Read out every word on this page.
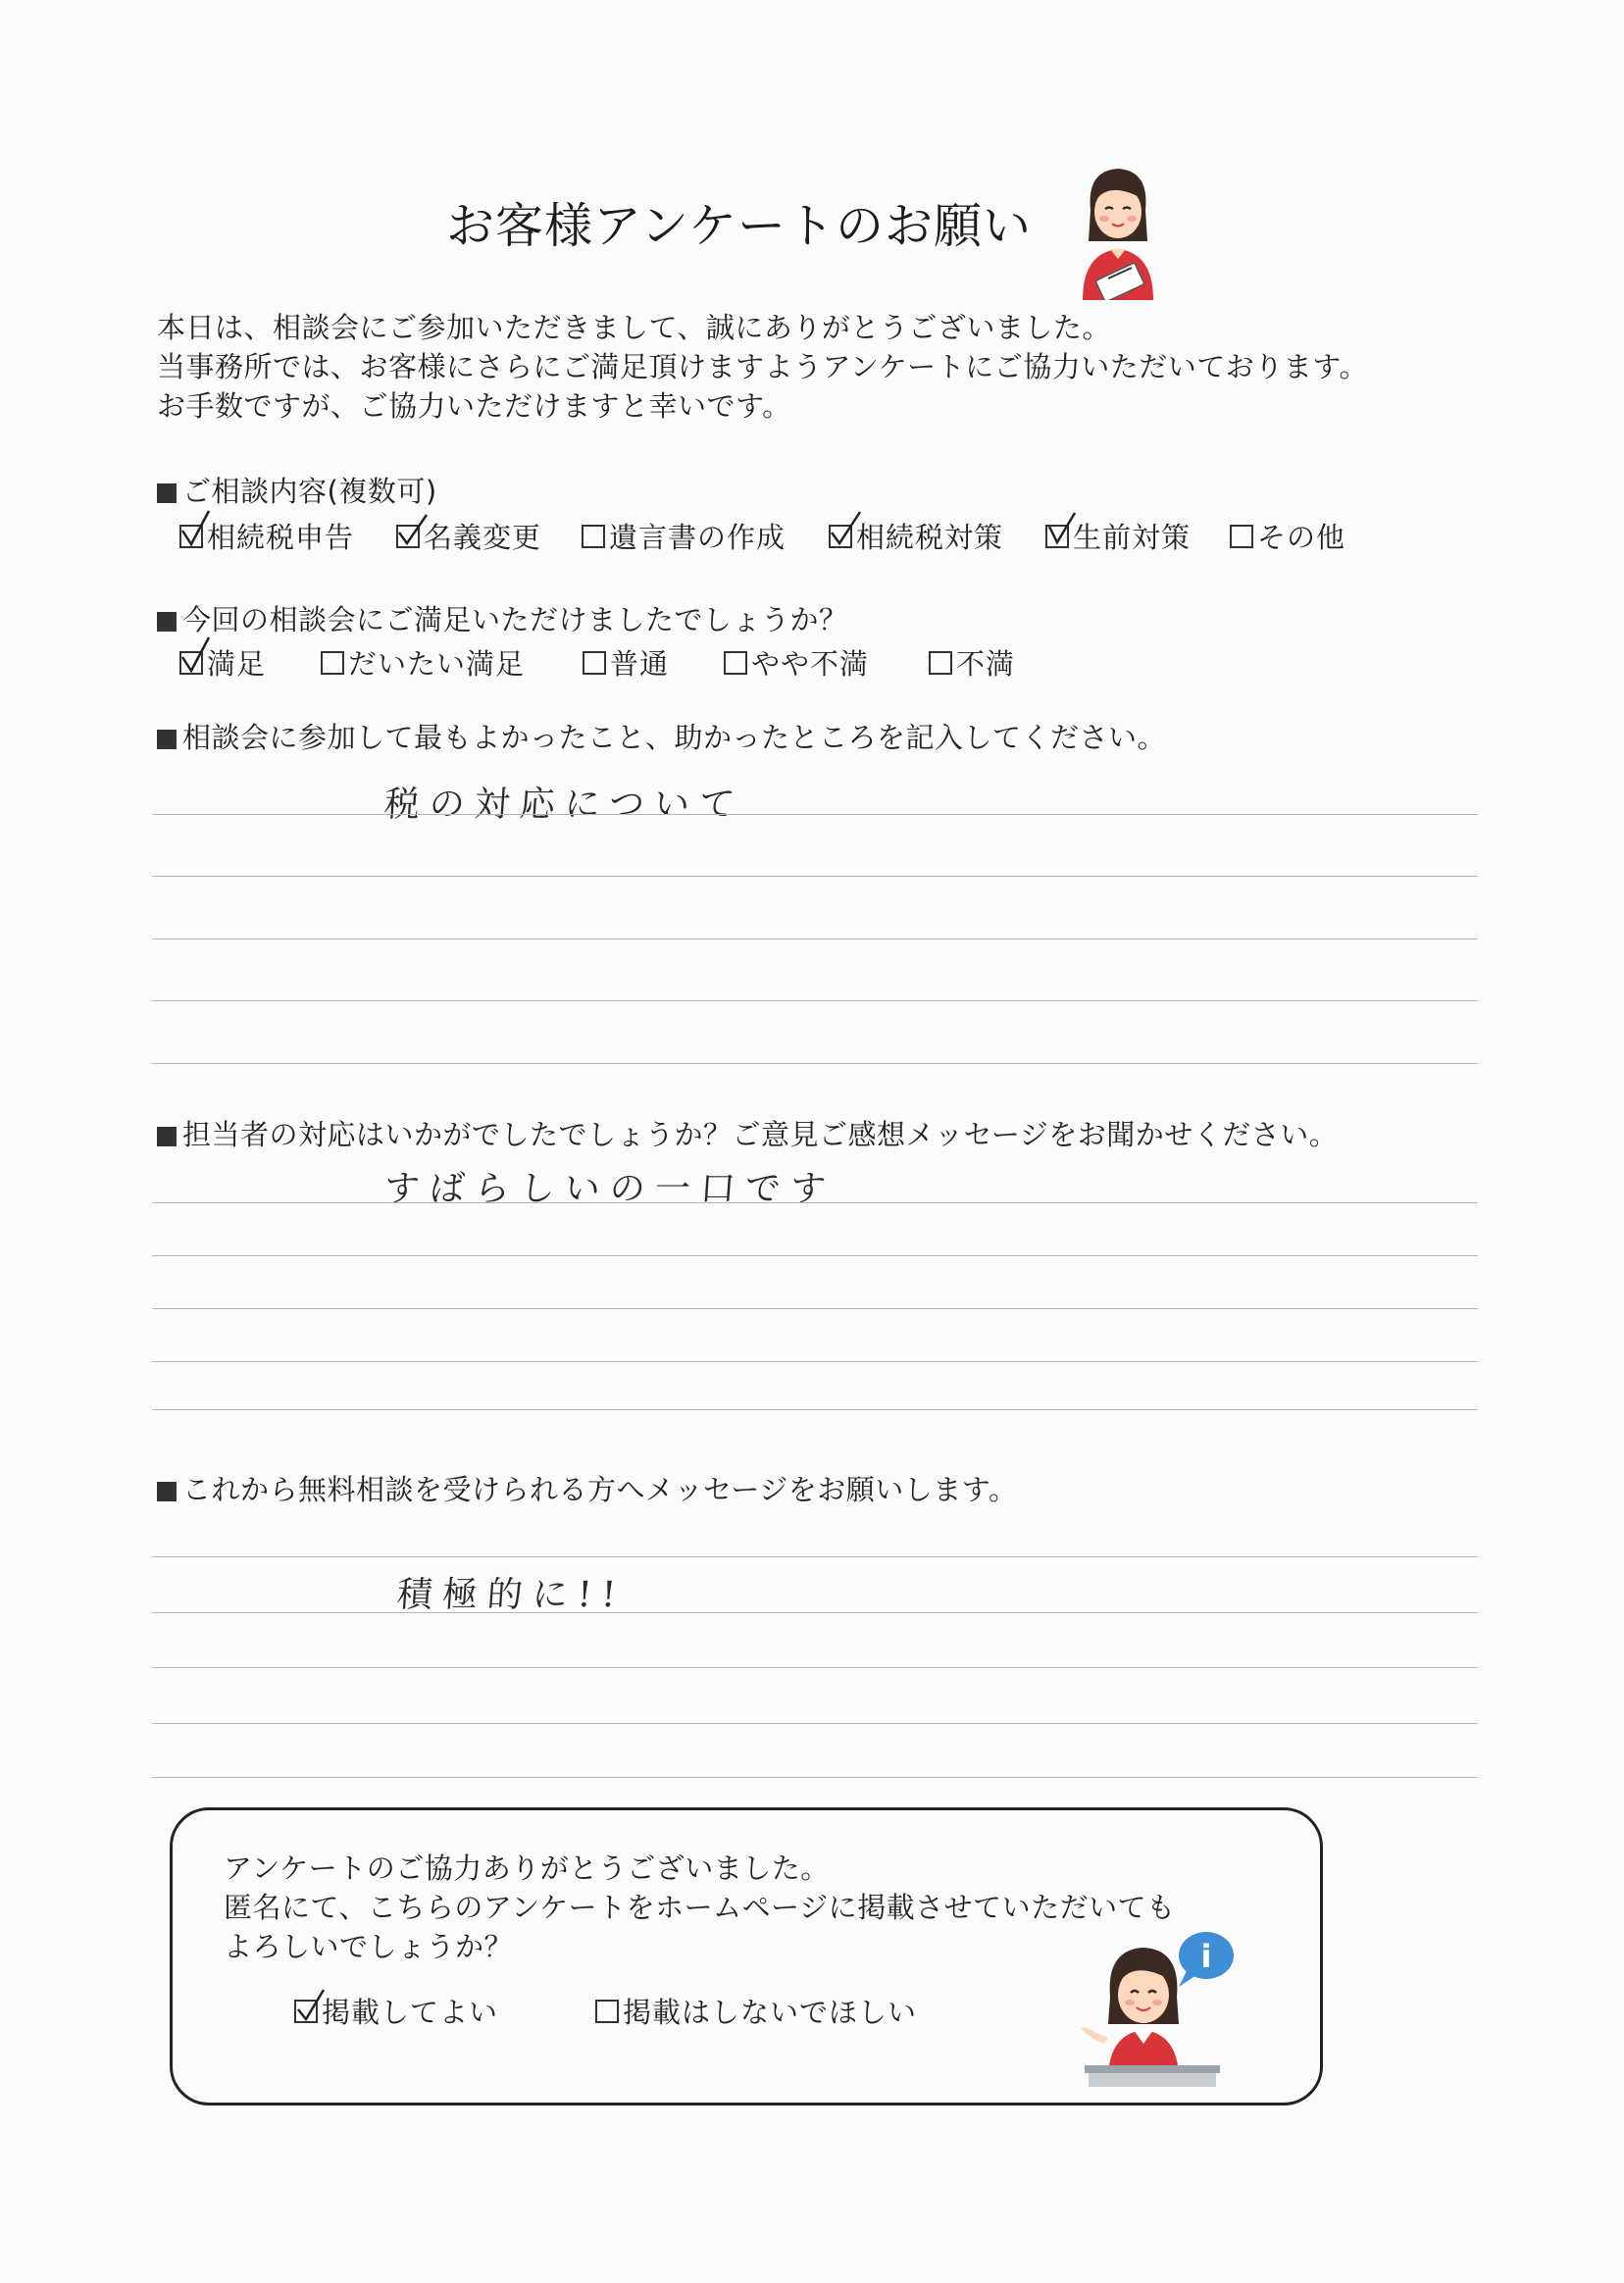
お客様アンケートのお願い
本日は、相談会にご参加いただきまして、誠にありがとうございました。
当事務所では、お客様にさらにご満足頂けますようアンケートにご協力いただいております。
お手数ですが、ご協力いただけますと幸いです。
ご相談内容(複数可)
相続税申告	名義変更	遺言書の作成	相続税対策	生前対策	その他
今回の相談会にご満足いただけましたでしょうか？
満足	だいたい満足	普通	やや不満	不満
相談会に参加して最もよかったこと、助かったところを記入してください。
税の対応について
担当者の対応はいかがでしたでしょうか？ご意見ご感想メッセージをお聞かせください。
すばらしいの一口です
これから無料相談を受けられる方へメッセージをお願いします。
積極的に!!
アンケートのご協力ありがとうございました。
匿名にて、こちらのアンケートをホームページに掲載させていただいても
よろしいでしょうか？
掲載してよい	掲載はしないでほしい
i
